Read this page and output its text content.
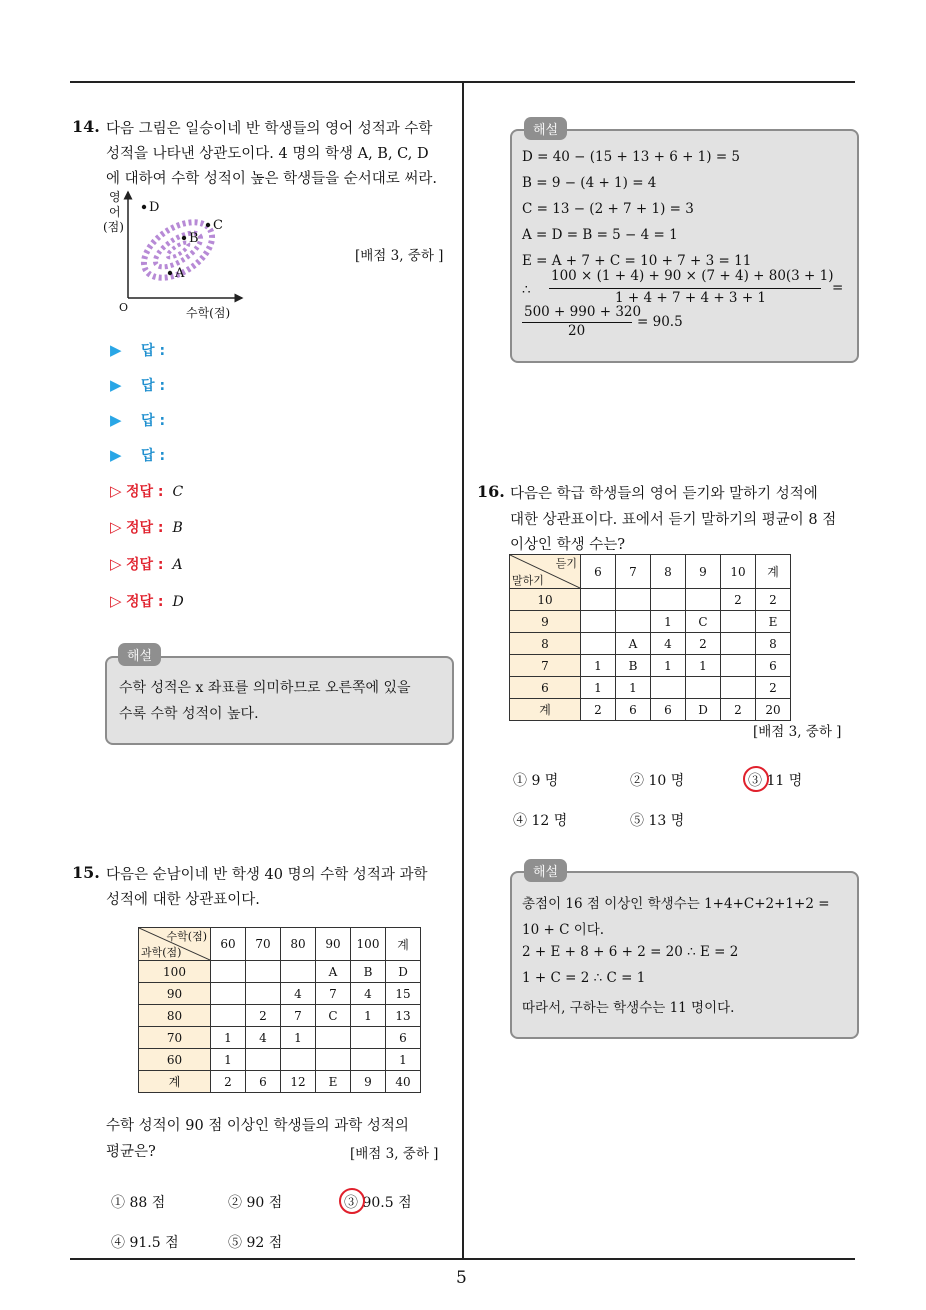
5
14. 다음 그림은 일승이네 반 학생들의 영어 성적과 수학
성적을 나타낸 상관도이다. 4 명의 학생 A, B, C, D
에 대하여 수학 성적이 높은 학생들을 순서대로 써라.
D
B
C
A
영
어
(점)
O	수학(점)
[배점 3, 중하 ]
▶ 답 :
▶ 답 :
▶ 답 :
▶ 답 :
▷ 정답 : C
▷ 정답 : B
▷ 정답 : A
▷ 정답 : D
해설
수학 성적은 x 좌표를 의미하므로 오른쪽에 있을
수록 수학 성적이 높다.
15. 다음은 순남이네 반 학생 40 명의 수학 성적과 과학
성적에 대한 상관표이다.
수학(점)
과학(점)	60	70	80	90	100	계
100				A	B	D
90			4	7	4	15
80		2	7	C	1	13
70	1	4	1			6
60	1					1
계	2	6	12	E	9	40
수학 성적이 90 점 이상인 학생들의 과학 성적의
평균은?	[배점 3, 중하 ]
① 88 점	② 90 점	③ 90.5 점
④ 91.5 점	⑤ 92 점
해설
D = 40 − (15 + 13 + 6 + 1) = 5
B = 9 − (4 + 1) = 4
C = 13 − (2 + 7 + 1) = 3
A = D = B = 5 − 4 = 1
E = A + 7 + C = 10 + 7 + 3 = 11
∴
100 × (1 + 4) + 90 × (7 + 4) + 80(3 + 1)
1 + 4 + 7 + 4 + 3 + 1
=
500 + 990 + 320
20
= 90.5
16. 다음은 학급 학생들의 영어 듣기와 말하기 성적에
대한 상관표이다. 표에서 듣기 말하기의 평균이 8 점
이상인 학생 수는?
듣기
말하기	6	7	8	9	10	계
10					2	2
9			1	C		E
8		A	4	2		8
7	1	B	1	1		6
6	1	1				2
계	2	6	6	D	2	20
[배점 3, 중하 ]
① 9 명	② 10 명	③ 11 명
④ 12 명	⑤ 13 명
해설
총점이 16 점 이상인 학생수는 1+4+C+2+1+2 =
10 + C 이다.
2 + E + 8 + 6 + 2 = 20 ∴ E = 2
1 + C = 2 ∴ C = 1
따라서, 구하는 학생수는 11 명이다.
